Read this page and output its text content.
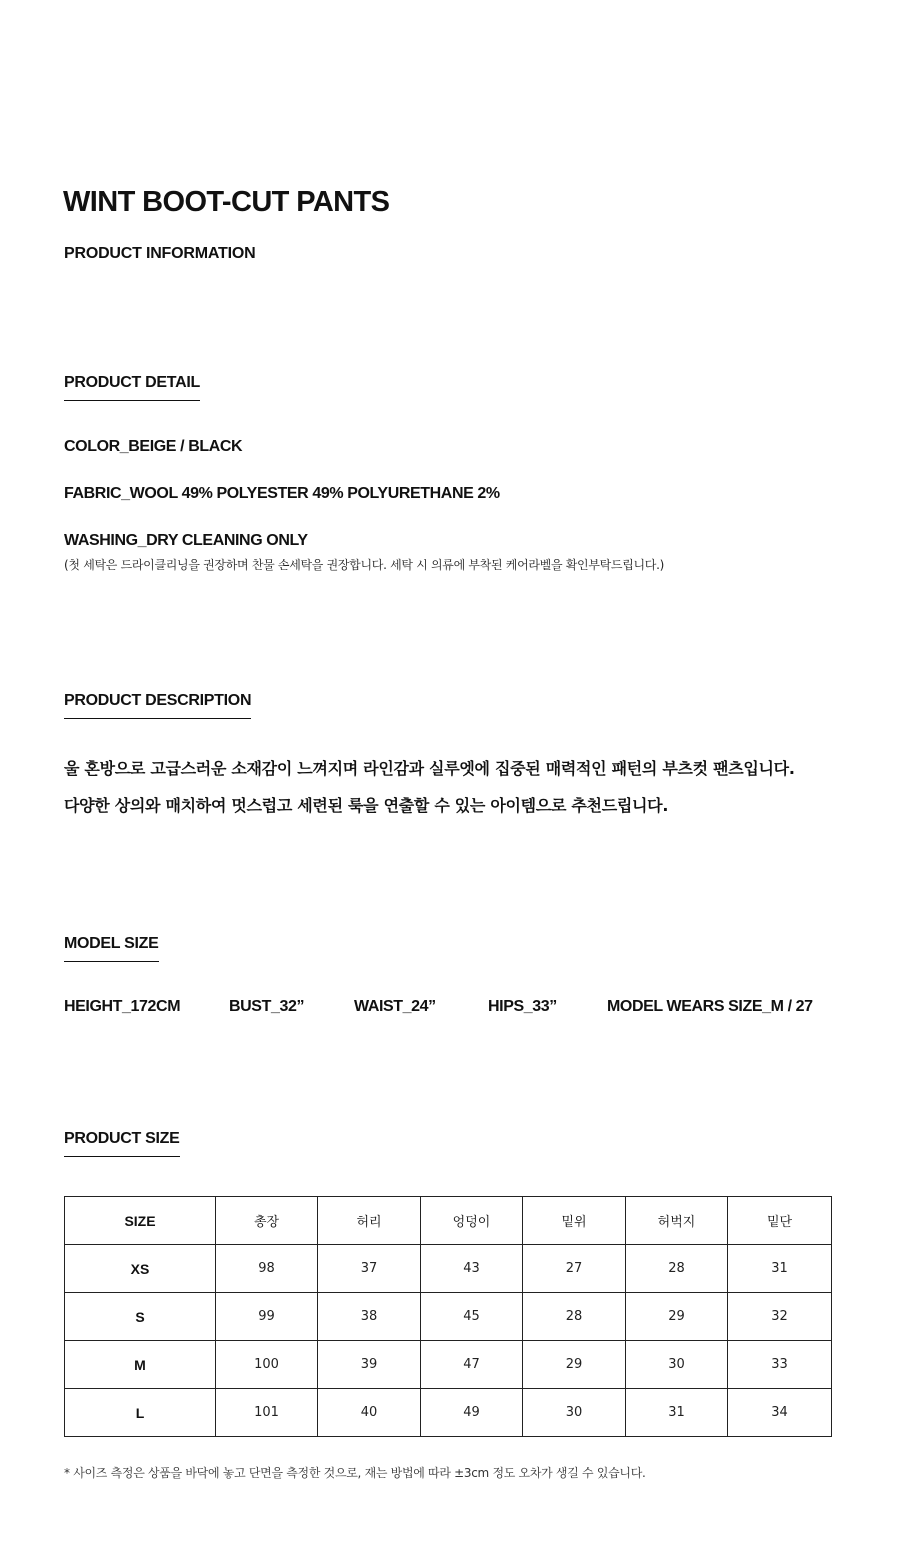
WINT BOOT-CUT PANTS
PRODUCT INFORMATION
PRODUCT DETAIL
COLOR_BEIGE / BLACK
FABRIC_WOOL 49% POLYESTER 49% POLYURETHANE 2%
WASHING_DRY CLEANING ONLY
(첫 세탁은 드라이클리닝을 권장하며 찬물 손세탁을 권장합니다. 세탁 시 의류에 부착된 케어라벨을 확인부탁드립니다.)
PRODUCT DESCRIPTION
울 혼방으로 고급스러운 소재감이 느껴지며 라인감과 실루엣에 집중된 매력적인 패턴의 부츠컷 팬츠입니다.
다양한 상의와 매치하여 멋스럽고 세련된 룩을 연출할 수 있는 아이템으로 추천드립니다.
MODEL SIZE
HEIGHT_172CM	BUST_32”	WAIST_24”	HIPS_33”	MODEL WEARS SIZE_M / 27
PRODUCT SIZE
SIZE	총장	허리	엉덩이	밑위	허벅지	밑단
XS	98	37	43	27	28	31
S	99	38	45	28	29	32
M	100	39	47	29	30	33
L	101	40	49	30	31	34
* 사이즈 측정은 상품을 바닥에 놓고 단면을 측정한 것으로, 재는 방법에 따라 ±3cm 정도 오차가 생길 수 있습니다.
